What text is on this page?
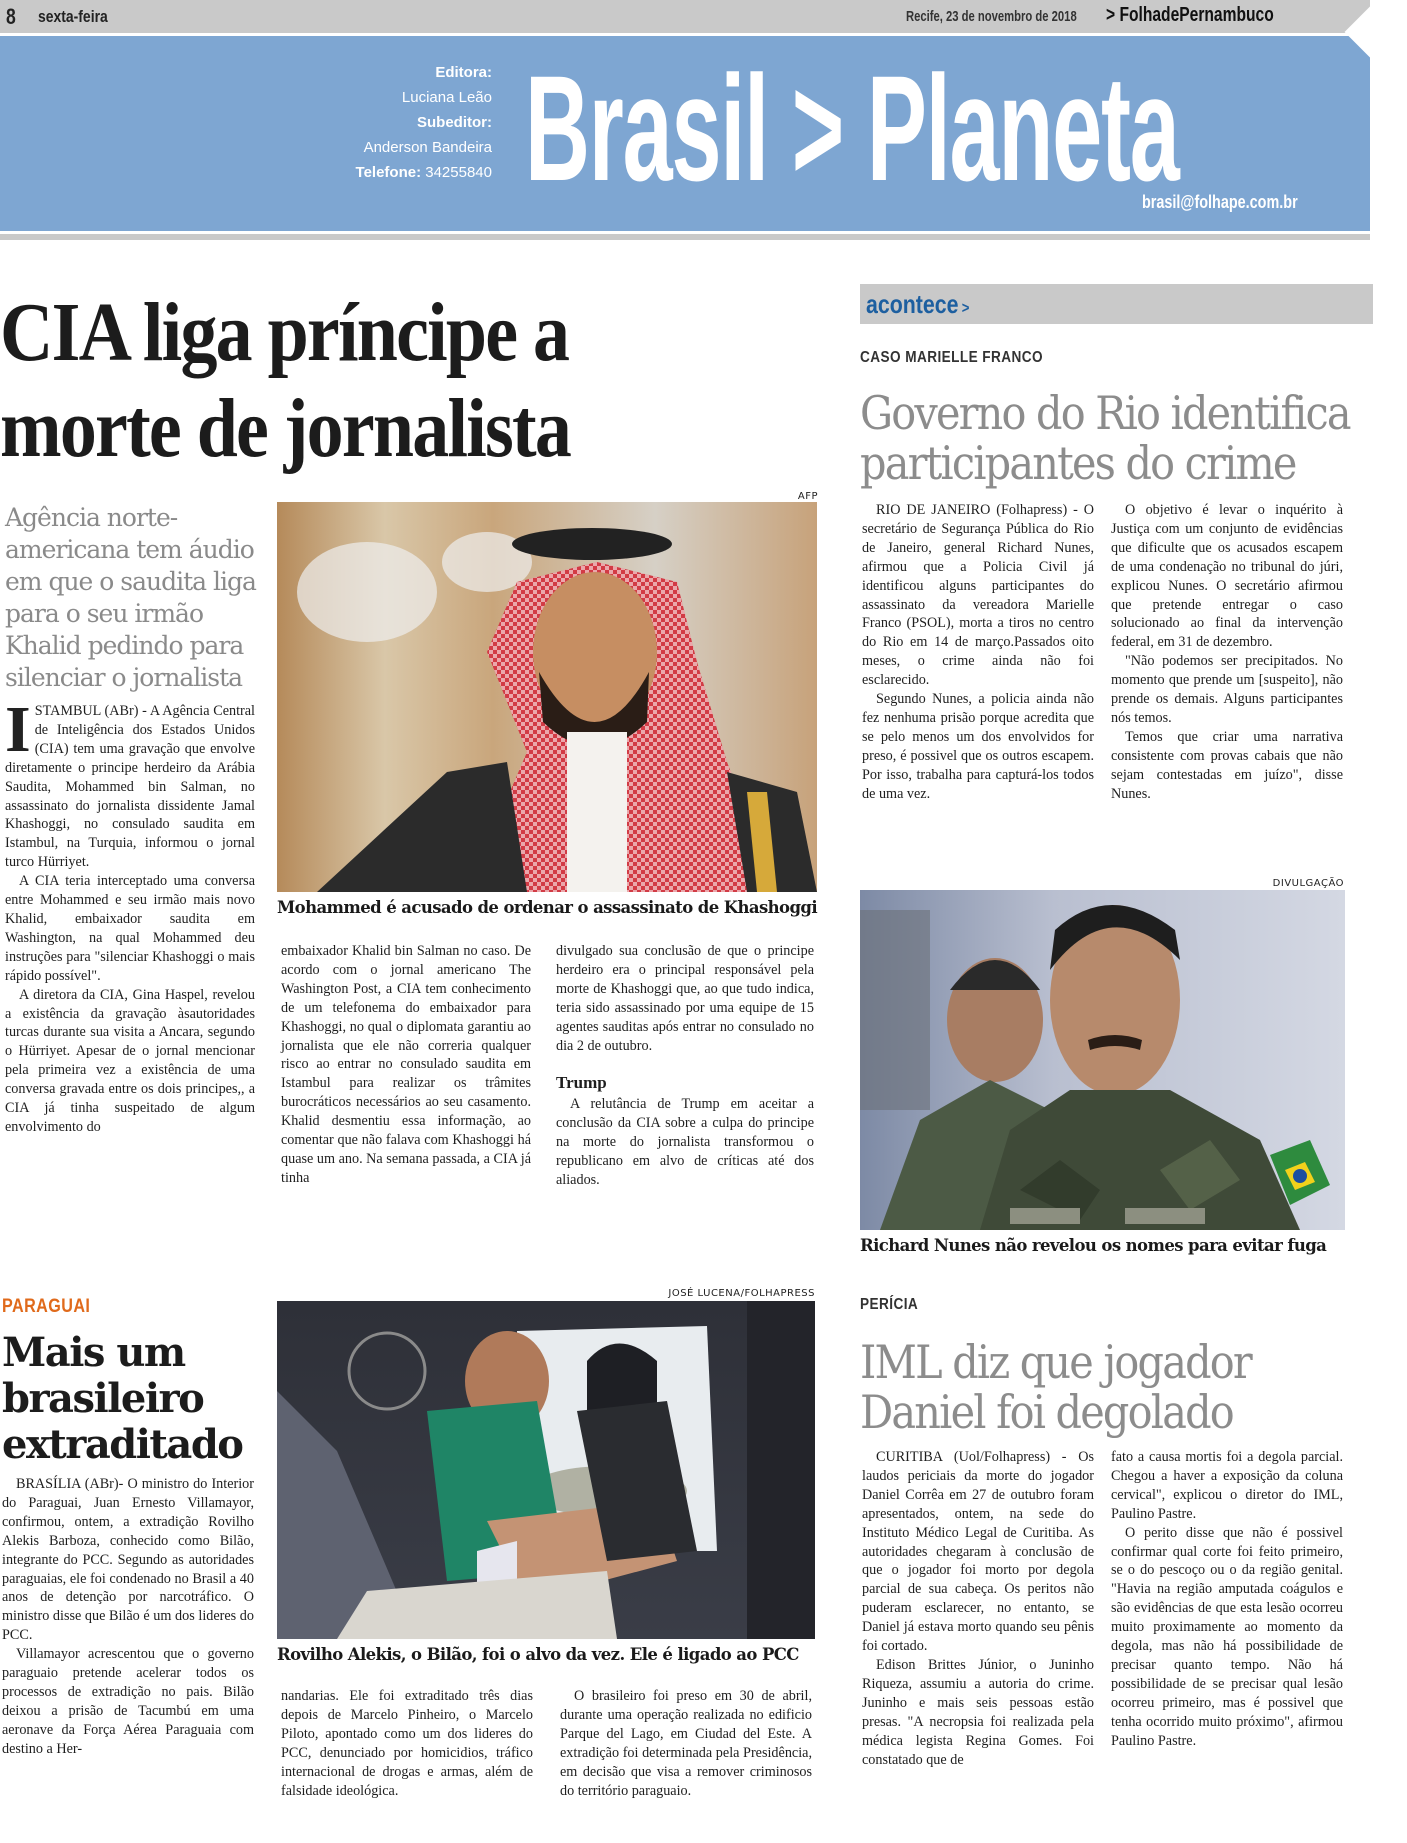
8 sexta-feira	Recife, 23 de novembro de 2018 > FolhadePernambuco
Editora:
Luciana Leão
Subeditor:
Anderson Bandeira
Telefone: 34255840 Brasil > Planeta
brasil@folhape.com.br
CIA liga príncipe a
morte de jornalista
Agência norte-americana tem áudio em que o saudita liga para o seu irmão Khalid pedindo para silenciar o jornalista
AFP
Mohammed é acusado de ordenar o assassinato de Khashoggi

ISTAMBUL (ABr) - A Agência Central de Inteligência dos Estados Unidos (CIA) tem uma gravação que envolve diretamente o principe herdeiro da Arábia Saudita, Mohammed bin Salman, no assassinato do jornalista dissidente Jamal Khashoggi, no consulado saudita em Istambul, na Turquia, informou o jornal turco Hürriyet.

A CIA teria interceptado uma conversa entre Mohammed e seu irmão mais novo Khalid, embaixador saudita em Washington, na qual Mohammed deu instruções para "silenciar Khashoggi o mais rápido possível".

A diretora da CIA, Gina Haspel, revelou a existência da gravação àsautoridades turcas durante sua visita a Ancara, segundo o Hürriyet. Apesar de o jornal mencionar pela primeira vez a existência de uma conversa gravada entre os dois principes,, a CIA já tinha suspeitado de algum envolvimento do

embaixador Khalid bin Salman no caso. De acordo com o jornal americano The Washington Post, a CIA tem conhecimento de um telefonema do embaixador para Khashoggi, no qual o diplomata garantiu ao jornalista que ele não correria qualquer risco ao entrar no consulado saudita em Istambul para realizar os trâmites burocráticos necessários ao seu casamento. Khalid desmentiu essa informação, ao comentar que não falava com Khashoggi há quase um ano. Na semana passada, a CIA já tinha

divulgado sua conclusão de que o principe herdeiro era o principal responsável pela morte de Khashoggi que, ao que tudo indica, teria sido assassinado por uma equipe de 15 agentes sauditas após entrar no consulado no dia 2 de outubro.

Trump

A relutância de Trump em aceitar a conclusão da CIA sobre a culpa do principe na morte do jornalista transformou o republicano em alvo de críticas até dos aliados.

acontece >
CASO MARIELLE FRANCO
Governo do Rio identifica
participantes do crime

RIO DE JANEIRO (Folhapress) - O secretário de Segurança Pública do Rio de Janeiro, general Richard Nunes, afirmou que a Policia Civil já identificou alguns participantes do assassinato da vereadora Marielle Franco (PSOL), morta a tiros no centro do Rio em 14 de março.Passados oito meses, o crime ainda não foi esclarecido.

Segundo Nunes, a policia ainda não fez nenhuma prisão porque acredita que se pelo menos um dos envolvidos for preso, é possivel que os outros escapem. Por isso, trabalha para capturá-los todos de uma vez.

O objetivo é levar o inquérito à Justiça com um conjunto de evidências que dificulte que os acusados escapem de uma condenação no tribunal do júri, explicou Nunes. O secretário afirmou que pretende entregar o caso solucionado ao final da intervenção federal, em 31 de dezembro.

"Não podemos ser precipitados. No momento que prende um [suspeito], não prende os demais. Alguns participantes nós temos.

Temos que criar uma narrativa consistente com provas cabais que não sejam contestadas em juízo", disse Nunes.

DIVULGAÇÃO
Richard Nunes não revelou os nomes para evitar fuga
PARAGUAI
Mais um brasileiro extraditado

BRASÍLIA (ABr)- O ministro do Interior do Paraguai, Juan Ernesto Villamayor, confirmou, ontem, a extradição Rovilho Alekis Barboza, conhecido como Bilão, integrante do PCC. Segundo as autoridades paraguaias, ele foi condenado no Brasil a 40 anos de detenção por narcotráfico. O ministro disse que Bilão é um dos lideres do PCC.

Villamayor acrescentou que o governo paraguaio pretende acelerar todos os processos de extradição no pais. Bilão deixou a prisão de Tacumbú em uma aeronave da Força Aérea Paraguaia com destino a Her-

JOSÉ LUCENA/FOLHAPRESS
Rovilho Alekis, o Bilão, foi o alvo da vez. Ele é ligado ao PCC

nandarias. Ele foi extraditado três dias depois de Marcelo Pinheiro, o Marcelo Piloto, apontado como um dos lideres do PCC, denunciado por homicidios, tráfico internacional de drogas e armas, além de falsidade ideológica.

O brasileiro foi preso em 30 de abril, durante uma operação realizada no edificio Parque del Lago, em Ciudad del Este. A extradição foi determinada pela Presidência, em decisão que visa a remover criminosos do território paraguaio.

PERÍCIA
IML diz que jogador
Daniel foi degolado

CURITIBA (Uol/Folhapress) - Os laudos periciais da morte do jogador Daniel Corrêa em 27 de outubro foram apresentados, ontem, na sede do Instituto Médico Legal de Curitiba. As autoridades chegaram à conclusão de que o jogador foi morto por degola parcial de sua cabeça. Os peritos não puderam esclarecer, no entanto, se Daniel já estava morto quando seu pênis foi cortado.

Edison Brittes Júnior, o Juninho Riqueza, assumiu a autoria do crime. Juninho e mais seis pessoas estão presas. "A necropsia foi realizada pela médica legista Regina Gomes. Foi constatado que de

fato a causa mortis foi a degola parcial. Chegou a haver a exposição da coluna cervical", explicou o diretor do IML, Paulino Pastre.

O perito disse que não é possivel confirmar qual corte foi feito primeiro, se o do pescoço ou o da região genital. "Havia na região amputada coágulos e são evidências de que esta lesão ocorreu muito proximamente ao momento da degola, mas não há possibilidade de precisar quanto tempo. Não há possibilidade de se precisar qual lesão ocorreu primeiro, mas é possivel que tenha ocorrido muito próximo", afirmou Paulino Pastre.
